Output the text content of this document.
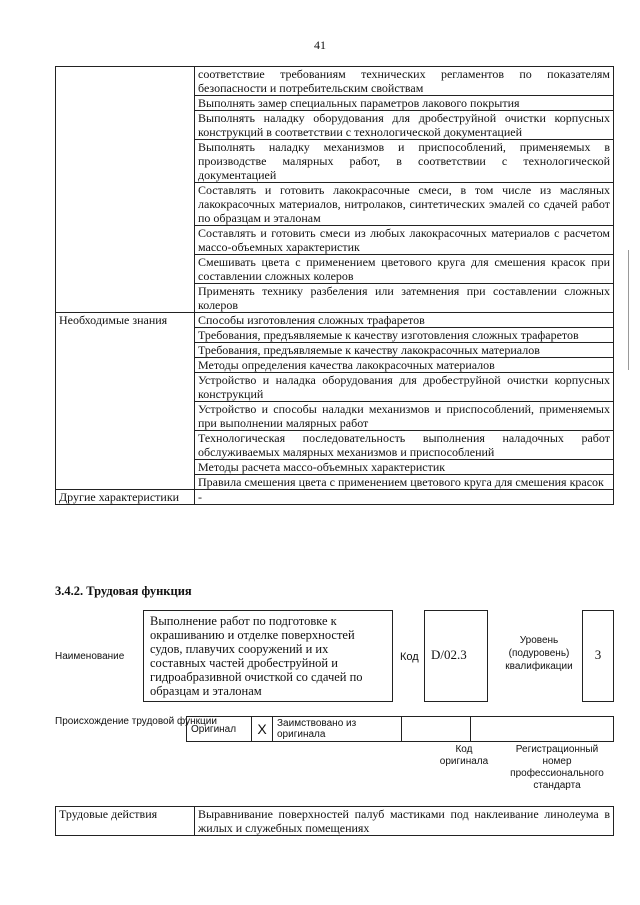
41
	соответствие требованиям технических регламентов по показателям безопасности и потребительским свойствам
	Выполнять замер специальных параметров лакового покрытия
	Выполнять наладку оборудования для дробеструйной очистки корпусных конструкций в соответствии с технологической документацией
	Выполнять наладку механизмов и приспособлений, применяемых в производстве малярных работ, в соответствии с технологической документацией
	Составлять и готовить лакокрасочные смеси, в том числе из масляных лакокрасочных материалов, нитролаков, синтетических эмалей со сдачей работ по образцам и эталонам
	Составлять и готовить смеси из любых лакокрасочных материалов с расчетом массо-объемных характеристик
	Смешивать цвета с применением цветового круга для смешения красок при составлении сложных колеров
	Применять технику разбеления или затемнения при составлении сложных колеров
Необходимые знания	Способы изготовления сложных трафаретов
	Требования, предъявляемые к качеству изготовления сложных трафаретов
	Требования, предъявляемые к качеству лакокрасочных материалов
	Методы определения качества лакокрасочных материалов
	Устройство и наладка оборудования для дробеструйной очистки корпусных конструкций
	Устройство и способы наладки механизмов и приспособлений, применяемых при выполнении малярных работ
	Технологическая последовательность выполнения наладочных работ обслуживаемых малярных механизмов и приспособлений
	Методы расчета массо-объемных характеристик
	Правила смешения цвета с применением цветового круга для смешения красок
Другие характеристики	-
3.4.2. Трудовая функция
Наименование
Выполнение работ по подготовке к окрашиванию и отделке поверхностей судов, плавучих сооружений и их составных частей дробеструйной и гидроабразивной очисткой со сдачей по образцам и эталонам
Код D/02.3
Уровень (подуровень) квалификации
3
Происхождение трудовой функции
Оригинал	X	Заимствовано из оригинала		
Код оригинала
Регистрационный номер профессионального стандарта
Трудовые действия	Выравнивание поверхностей палуб мастиками под наклеивание линолеума в жилых и служебных помещениях
